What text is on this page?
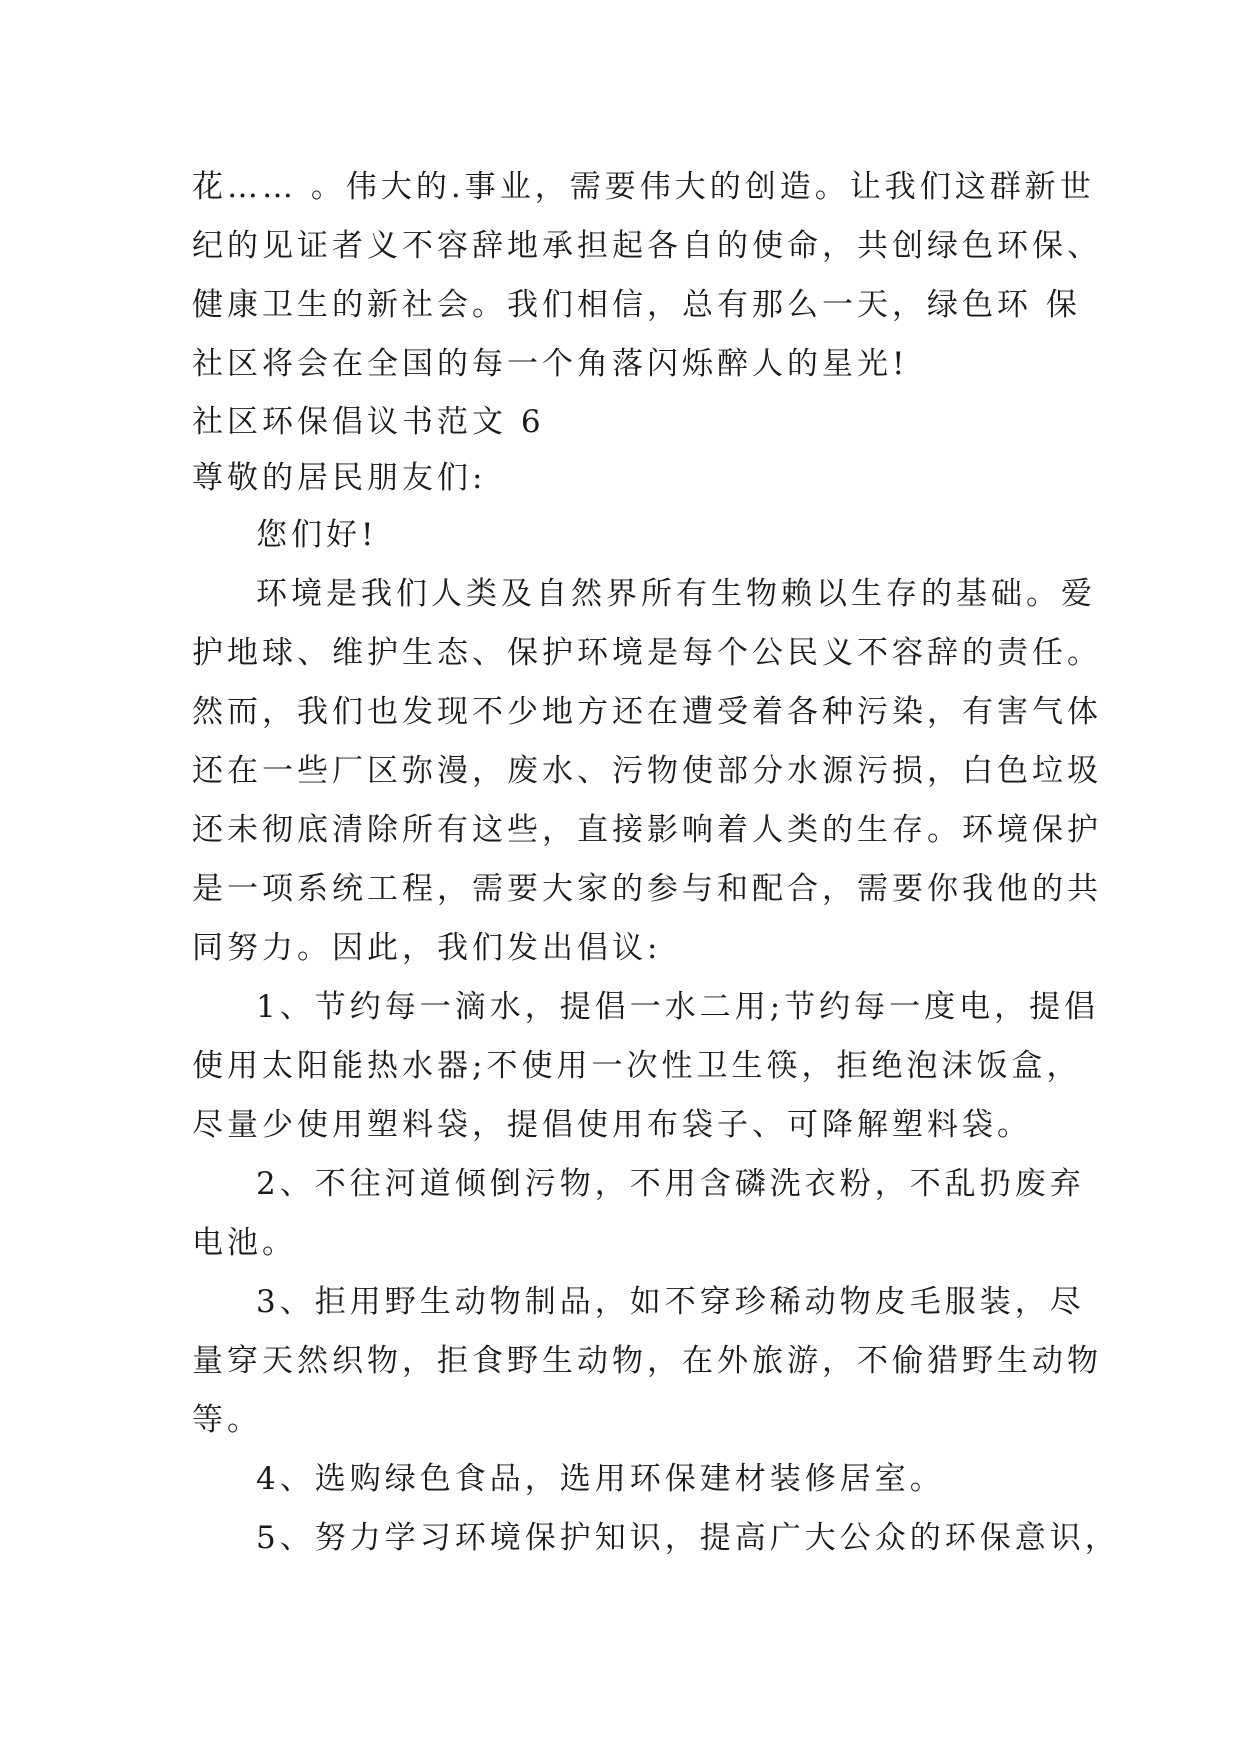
花…… 。伟大的.事业，需要伟大的创造。让我们这群新世
纪的见证者义不容辞地承担起各自的使命，共创绿色环保、
健康卫生的新社会。我们相信，总有那么一天，绿色环 保
社区将会在全国的每一个角落闪烁醉人的星光!
社区环保倡议书范文 6
尊敬的居民朋友们:
您们好!
环境是我们人类及自然界所有生物赖以生存的基础。爱
护地球、维护生态、保护环境是每个公民义不容辞的责任。
然而，我们也发现不少地方还在遭受着各种污染，有害气体
还在一些厂区弥漫，废水、污物使部分水源污损，白色垃圾
还未彻底清除所有这些，直接影响着人类的生存。环境保护
是一项系统工程，需要大家的参与和配合，需要你我他的共
同努力。因此，我们发出倡议:
1、节约每一滴水，提倡一水二用;节约每一度电，提倡
使用太阳能热水器;不使用一次性卫生筷，拒绝泡沫饭盒，
尽量少使用塑料袋，提倡使用布袋子、可降解塑料袋。
2、不往河道倾倒污物，不用含磷洗衣粉，不乱扔废弃
电池。
3、拒用野生动物制品，如不穿珍稀动物皮毛服装，尽
量穿天然织物，拒食野生动物，在外旅游，不偷猎野生动物
等。
4、选购绿色食品，选用环保建材装修居室。
5、努力学习环境保护知识，提高广大公众的环保意识，
